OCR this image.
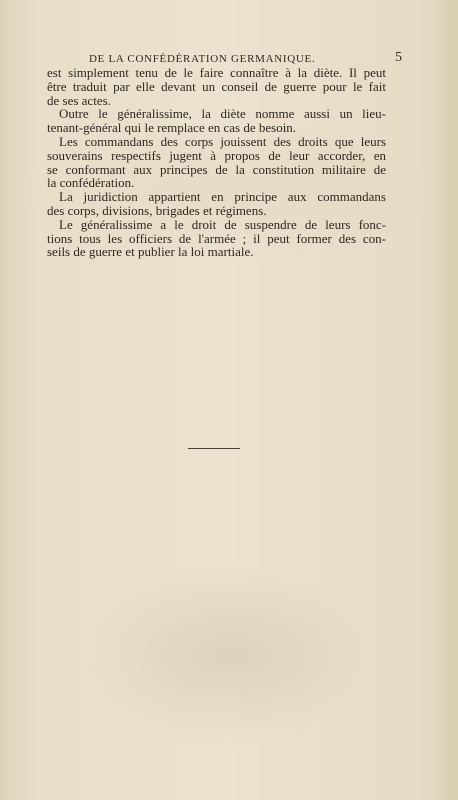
DE LA CONFÉDÉRATION GERMANIQUE.	5
est simplement tenu de le faire connaître à la diète. Il peut
être traduit par elle devant un conseil de guerre pour le fait
de ses actes.
Outre le généralissime, la diète nomme aussi un lieu-
tenant-général qui le remplace en cas de besoin.
Les commandans des corps jouissent des droits que leurs
souverains respectifs jugent à propos de leur accorder, en
se conformant aux principes de la constitution militaire de
la confédération.
La juridiction appartient en principe aux commandans
des corps, divisions, brigades et régimens.
Le généralissime a le droit de suspendre de leurs fonc-
tions tous les officiers de l'armée ; il peut former des con-
seils de guerre et publier la loi martiale.
